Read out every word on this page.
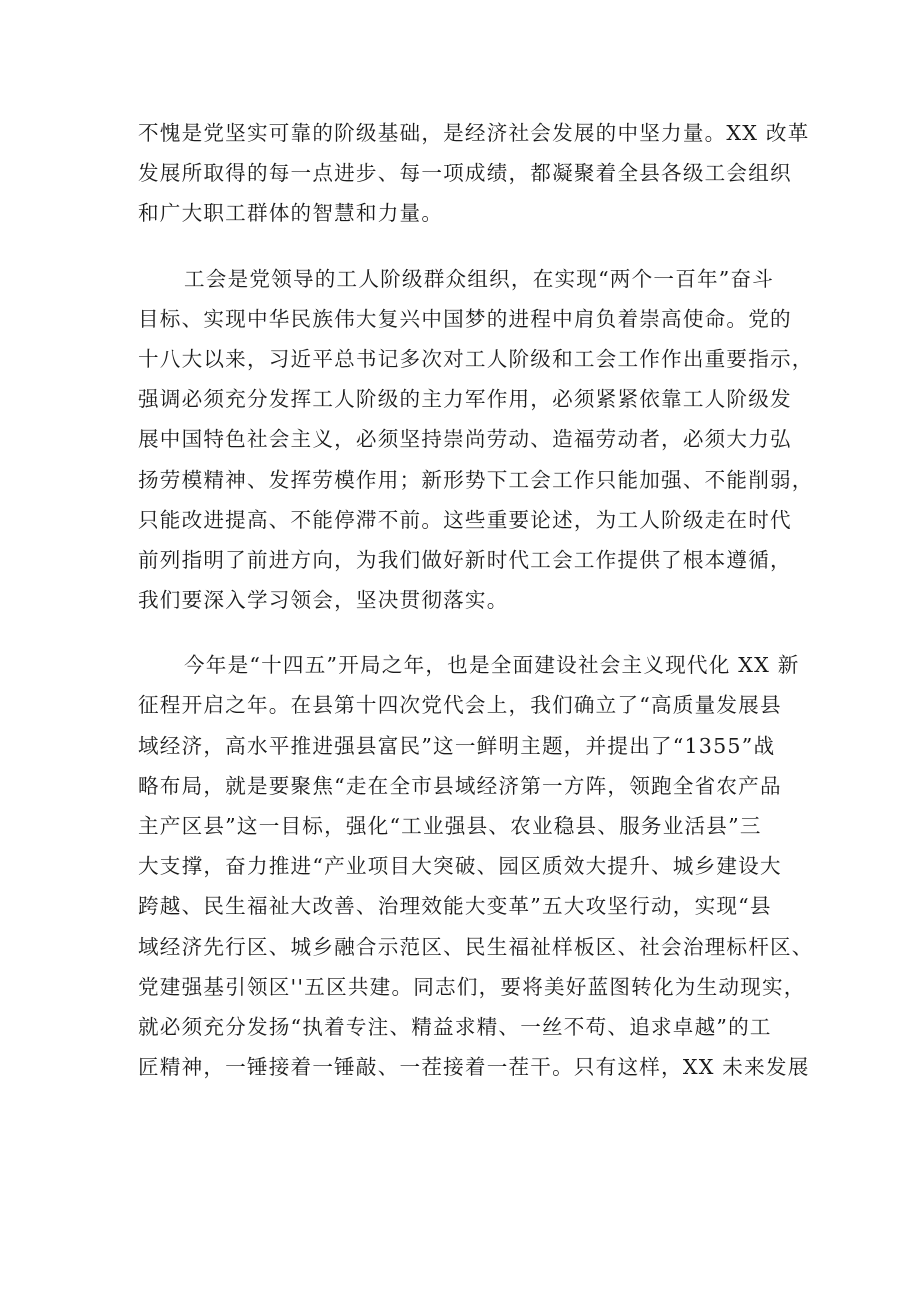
不愧是党坚实可靠的阶级基础，是经济社会发展的中坚力量。XX 改革
发展所取得的每一点进步、每一项成绩，都凝聚着全县各级工会组织
和广大职工群体的智慧和力量。
工会是党领导的工人阶级群众组织，在实现“两个一百年”奋斗
目标、实现中华民族伟大复兴中国梦的进程中肩负着崇高使命。党的
十八大以来，习近平总书记多次对工人阶级和工会工作作出重要指示，
强调必须充分发挥工人阶级的主力军作用，必须紧紧依靠工人阶级发
展中国特色社会主义，必须坚持崇尚劳动、造福劳动者，必须大力弘
扬劳模精神、发挥劳模作用；新形势下工会工作只能加强、不能削弱，
只能改进提高、不能停滞不前。这些重要论述，为工人阶级走在时代
前列指明了前进方向，为我们做好新时代工会工作提供了根本遵循，
我们要深入学习领会，坚决贯彻落实。
今年是“十四五”开局之年，也是全面建设社会主义现代化 XX 新
征程开启之年。在县第十四次党代会上，我们确立了“高质量发展县
域经济，高水平推进强县富民”这一鲜明主题，并提出了“1355”战
略布局，就是要聚焦“走在全市县域经济第一方阵，领跑全省农产品
主产区县”这一目标，强化“工业强县、农业稳县、服务业活县”三
大支撑，奋力推进“产业项目大突破、园区质效大提升、城乡建设大
跨越、民生福祉大改善、治理效能大变革”五大攻坚行动，实现“县
域经济先行区、城乡融合示范区、民生福祉样板区、社会治理标杆区、
党建强基引领区''五区共建。同志们，要将美好蓝图转化为生动现实，
就必须充分发扬“执着专注、精益求精、一丝不苟、追求卓越”的工
匠精神，一锤接着一锤敲、一茬接着一茬干。只有这样，XX 未来发展
